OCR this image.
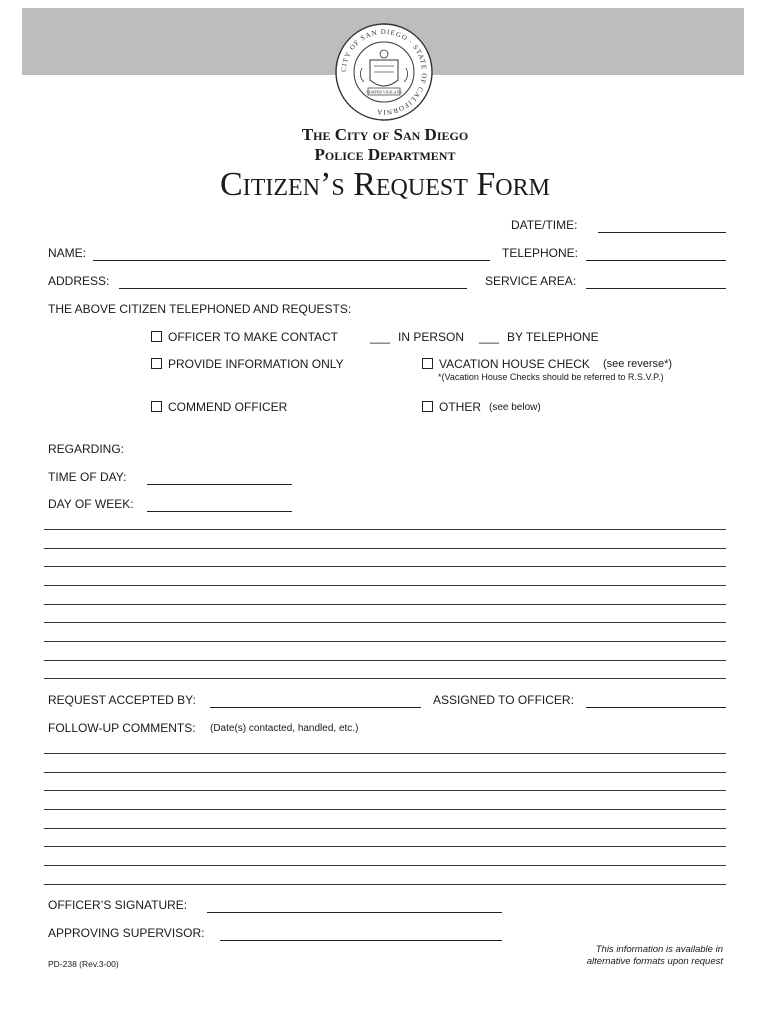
CITY OF SAN DIEGO · STATE OF CALIFORNIA
SEMPER VIGILANS
The City of San Diego
Police Department
Citizen’s Request Form
DATE/TIME:
NAME:	TELEPHONE:
ADDRESS:	SERVICE AREA:
THE ABOVE CITIZEN TELEPHONED AND REQUESTS:
OFFICER TO MAKE CONTACT	___ IN PERSON ___ BY TELEPHONE
PROVIDE INFORMATION ONLY	VACATION HOUSE CHECK (see reverse*)
*(Vacation House Checks should be referred to R.S.V.P.)
COMMEND OFFICER	OTHER (see below)
REGARDING:
TIME OF DAY:
DAY OF WEEK:
REQUEST ACCEPTED BY:	ASSIGNED TO OFFICER:
FOLLOW-UP COMMENTS: (Date(s) contacted, handled, etc.)
OFFICER’S SIGNATURE:
APPROVING SUPERVISOR:
PD-238 (Rev.3-00)
This information is available in
alternative formats upon request
